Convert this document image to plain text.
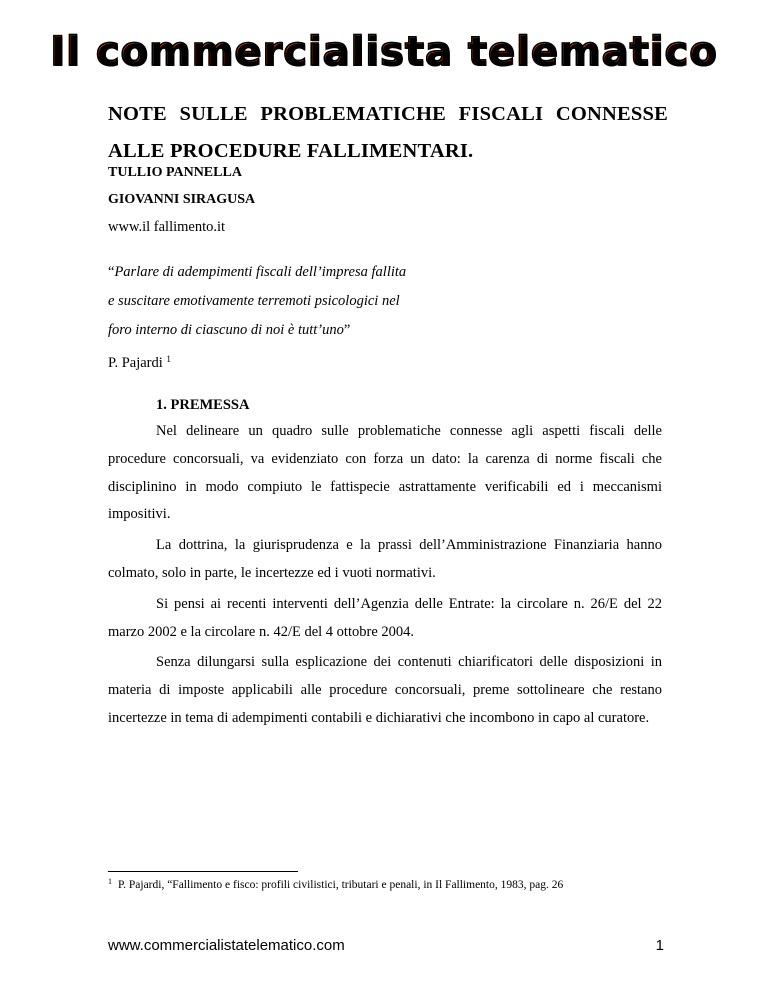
Il commercialista telematico
NOTE SULLE PROBLEMATICHE FISCALI CONNESSE
ALLE PROCEDURE FALLIMENTARI.
TULLIO PANNELLA
GIOVANNI SIRAGUSA
www.il fallimento.it
“Parlare di adempimenti fiscali dell’impresa fallita
e suscitare emotivamente terremoti psicologici nel
foro interno di ciascuno di noi è tutt’uno”
P. Pajardi $^1$
1. PREMESSA

Nel delineare un quadro sulle problematiche connesse agli aspetti fiscali delle procedure concorsuali, va evidenziato con forza un dato: la carenza di norme fiscali che disciplinino in modo compiuto le fattispecie astrattamente verificabili ed i meccanismi impositivi.

La dottrina, la giurisprudenza e la prassi dell’Amministrazione Finanziaria hanno colmato, solo in parte, le incertezze ed i vuoti normativi.

Si pensi ai recenti interventi dell’Agenzia delle Entrate: la circolare n. 26/E del 22 marzo 2002 e la circolare n. 42/E del 4 ottobre 2004.

Senza dilungarsi sulla esplicazione dei contenuti chiarificatori delle disposizioni in materia di imposte applicabili alle procedure concorsuali, preme sottolineare che restano incertezze in tema di adempimenti contabili e dichiarativi che incombono in capo al curatore.

$^1$ P. Pajardi, “Fallimento e fisco: profili civilistici, tributari e penali, in Il Fallimento, 1983, pag. 26
www.commercialistatelematico.com	1
